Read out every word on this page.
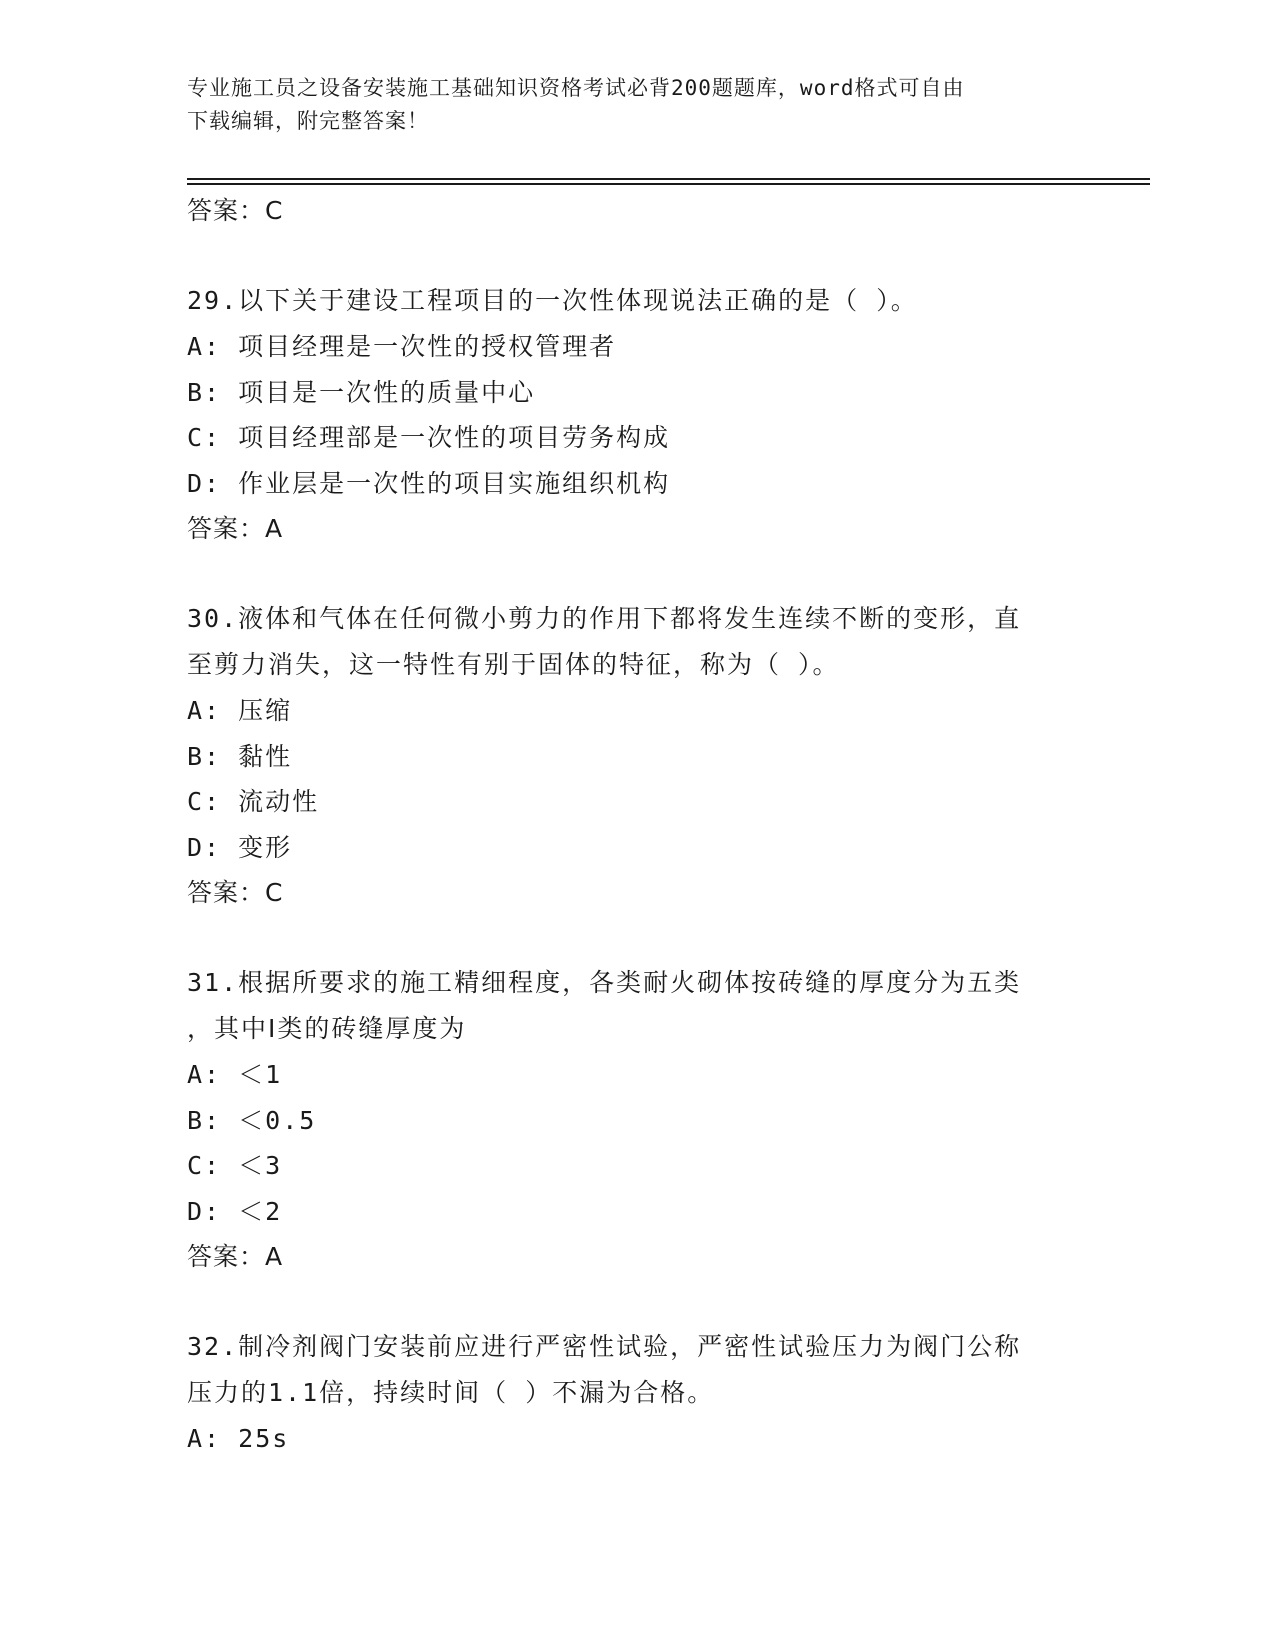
专业施工员之设备安装施工基础知识资格考试必背200题题库，word格式可自由
下载编辑，附完整答案！
答案：C
29.以下关于建设工程项目的一次性体现说法正确的是（ ）。
A: 项目经理是一次性的授权管理者
B: 项目是一次性的质量中心
C: 项目经理部是一次性的项目劳务构成
D: 作业层是一次性的项目实施组织机构
答案：A
30.液体和气体在任何微小剪力的作用下都将发生连续不断的变形，直
至剪力消失，这一特性有别于固体的特征，称为（ ）。
A: 压缩
B: 黏性
C: 流动性
D: 变形
答案：C
31.根据所要求的施工精细程度，各类耐火砌体按砖缝的厚度分为五类
，其中Ⅰ类的砖缝厚度为
A: ＜1
B: ＜0.5
C: ＜3
D: ＜2
答案：A
32.制冷剂阀门安装前应进行严密性试验，严密性试验压力为阀门公称
压力的1.1倍，持续时间（ ）不漏为合格。
A: 25s
